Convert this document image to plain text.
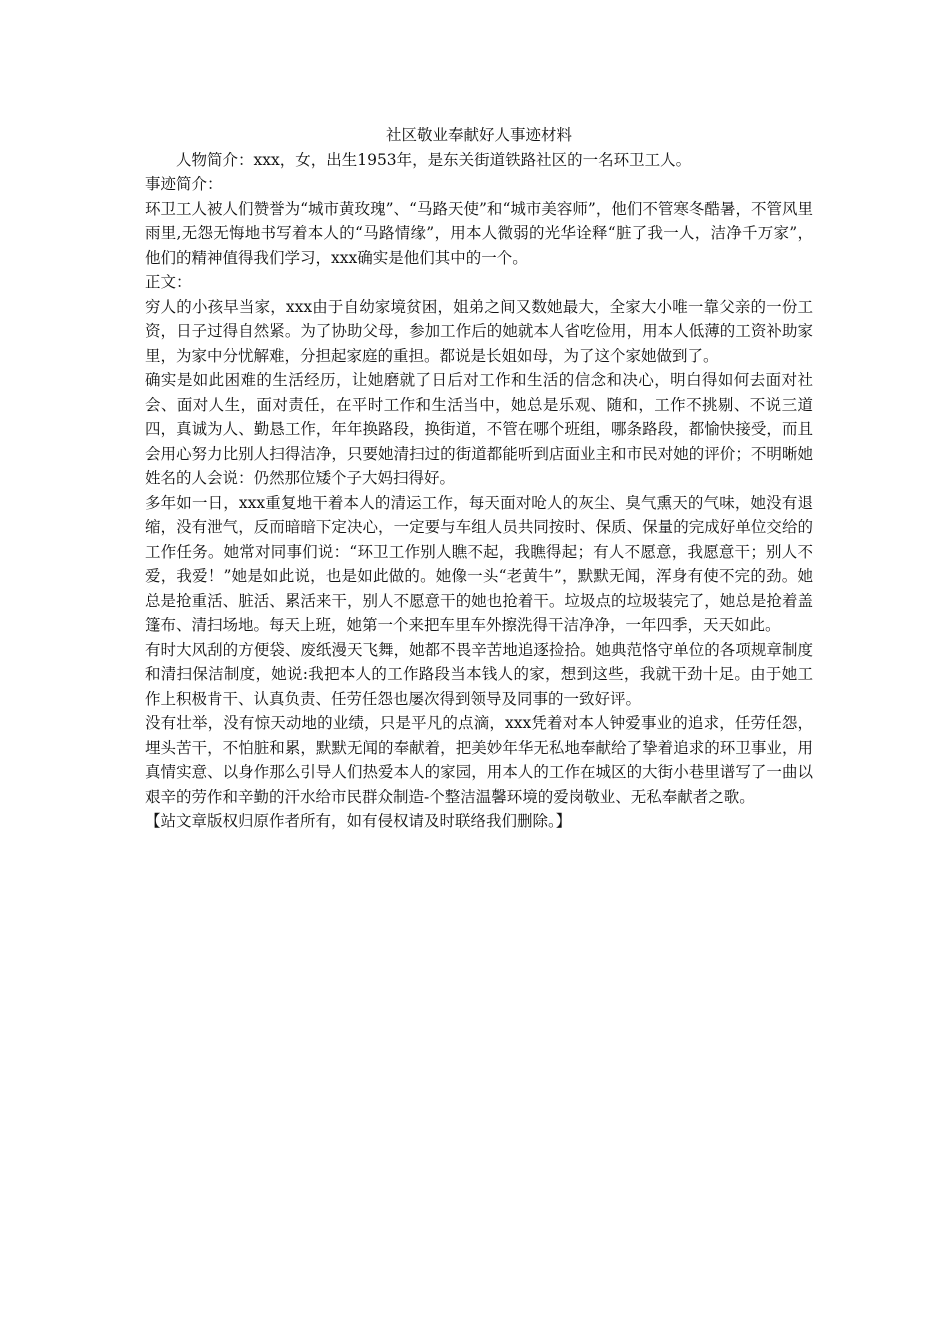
社区敬业奉献好人事迹材料

人物简介：xxx，女，出生1953年，是东关街道铁路社区的一名环卫工人。

事迹简介：

环卫工人被人们赞誉为“城市黄玫瑰”、“马路天使”和“城市美容师”，他们不管寒冬酷暑，不管风里雨里,无怨无悔地书写着本人的“马路情缘”，用本人微弱的光华诠释“脏了我一人，洁净千万家”，他们的精神值得我们学习，xxx确实是他们其中的一个。

正文：

穷人的小孩早当家，xxx由于自幼家境贫困，姐弟之间又数她最大，全家大小唯一靠父亲的一份工资，日子过得自然紧。为了协助父母，参加工作后的她就本人省吃俭用，用本人低薄的工资补助家里，为家中分忧解难，分担起家庭的重担。都说是长姐如母，为了这个家她做到了。

确实是如此困难的生活经历，让她磨就了日后对工作和生活的信念和决心，明白得如何去面对社会、面对人生，面对责任，在平时工作和生活当中，她总是乐观、随和，工作不挑剔、不说三道四，真诚为人、勤恳工作，年年换路段，换街道，不管在哪个班组，哪条路段，都愉快接受，而且会用心努力比别人扫得洁净，只要她清扫过的街道都能听到店面业主和市民对她的评价；不明晰她姓名的人会说：仍然那位矮个子大妈扫得好。

多年如一日，xxx重复地干着本人的清运工作，每天面对呛人的灰尘、臭气熏天的气味，她没有退缩，没有泄气，反而暗暗下定决心，一定要与车组人员共同按时、保质、保量的完成好单位交给的工作任务。她常对同事们说：“环卫工作别人瞧不起，我瞧得起；有人不愿意，我愿意干；别人不爱，我爱！”她是如此说，也是如此做的。她像一头“老黄牛”，默默无闻，浑身有使不完的劲。她总是抢重活、脏活、累活来干，别人不愿意干的她也抢着干。垃圾点的垃圾装完了，她总是抢着盖篷布、清扫场地。每天上班，她第一个来把车里车外擦洗得干洁净净，一年四季，天天如此。

有时大风刮的方便袋、废纸漫天飞舞，她都不畏辛苦地追逐捡拾。她典范恪守单位的各项规章制度和清扫保洁制度，她说:我把本人的工作路段当本钱人的家，想到这些，我就干劲十足。由于她工作上积极肯干、认真负责、任劳任怨也屡次得到领导及同事的一致好评。

没有壮举，没有惊天动地的业绩，只是平凡的点滴，xxx凭着对本人钟爱事业的追求，任劳任怨，埋头苦干，不怕脏和累，默默无闻的奉献着，把美妙年华无私地奉献给了挚着追求的环卫事业，用真情实意、以身作那么引导人们热爱本人的家园，用本人的工作在城区的大街小巷里谱写了一曲以艰辛的劳作和辛勤的汗水给市民群众制造-个整洁温馨环境的爱岗敬业、无私奉献者之歌。

【站文章版权归原作者所有，如有侵权请及时联络我们删除。】
